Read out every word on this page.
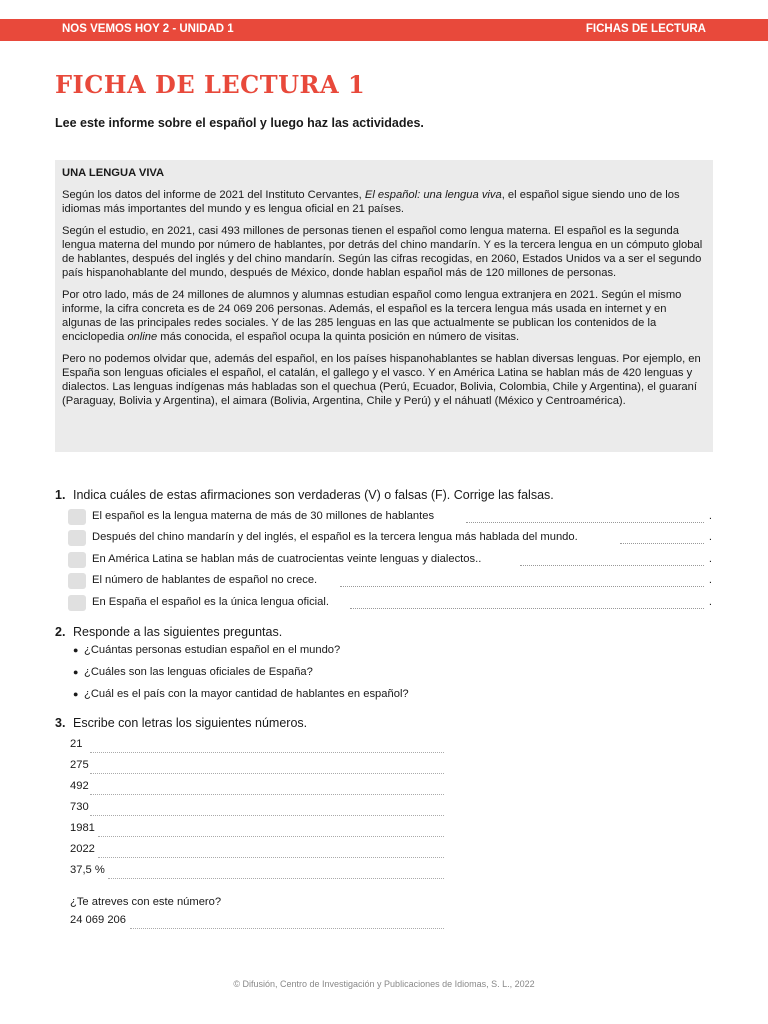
NOS VEMOS HOY 2 - UNIDAD 1	FICHAS DE LECTURA
FICHA DE LECTURA 1
Lee este informe sobre el español y luego haz las actividades.
UNA LENGUA VIVA

Según los datos del informe de 2021 del Instituto Cervantes, El español: una lengua viva, el español sigue siendo uno de los idiomas más importantes del mundo y es lengua oficial en 21 países.

Según el estudio, en 2021, casi 493 millones de personas tienen el español como lengua materna. El español es la segunda lengua materna del mundo por número de hablantes, por detrás del chino mandarín. Y es la tercera lengua en un cómputo global de hablantes, después del inglés y del chino mandarín. Según las cifras recogidas, en 2060, Estados Unidos va a ser el segundo país hispanohablante del mundo, después de México, donde hablan español más de 120 millones de personas.

Por otro lado, más de 24 millones de alumnos y alumnas estudian español como lengua extranjera en 2021. Según el mismo informe, la cifra concreta es de 24 069 206 personas. Además, el español es la tercera lengua más usada en internet y en algunas de las principales redes sociales. Y de las 285 lenguas en las que actualmente se publican los contenidos de la enciclopedia online más conocida, el español ocupa la quinta posición en número de visitas.

Pero no podemos olvidar que, además del español, en los países hispanohablantes se hablan diversas lenguas. Por ejemplo, en España son lenguas oficiales el español, el catalán, el gallego y el vasco. Y en América Latina se hablan más de 420 lenguas y dialectos. Las lenguas indígenas más habladas son el quechua (Perú, Ecuador, Bolivia, Colombia, Chile y Argentina), el guaraní (Paraguay, Bolivia y Argentina), el aimara (Bolivia, Argentina, Chile y Perú) y el náhuatl (México y Centroamérica).

1. Indica cuáles de estas afirmaciones son verdaderas (V) o falsas (F). Corrige las falsas.
El español es la lengua materna de más de 30 millones de hablantes	.
Después del chino mandarín y del inglés, el español es la tercera lengua más hablada del mundo.	.
En América Latina se hablan más de cuatrocientas veinte lenguas y dialectos..	.
El número de hablantes de español no crece.	.
En España el español es la única lengua oficial.	.
2. Responde a las siguientes preguntas.
● ¿Cuántas personas estudian español en el mundo?
● ¿Cuáles son las lenguas oficiales de España?
● ¿Cuál es el país con la mayor cantidad de hablantes en español?
3. Escribe con letras los siguientes números.
21
275
492
730
1981
2022
37,5 %
¿Te atreves con este número?
24 069 206
© Difusión, Centro de Investigación y Publicaciones de Idiomas, S. L., 2022
